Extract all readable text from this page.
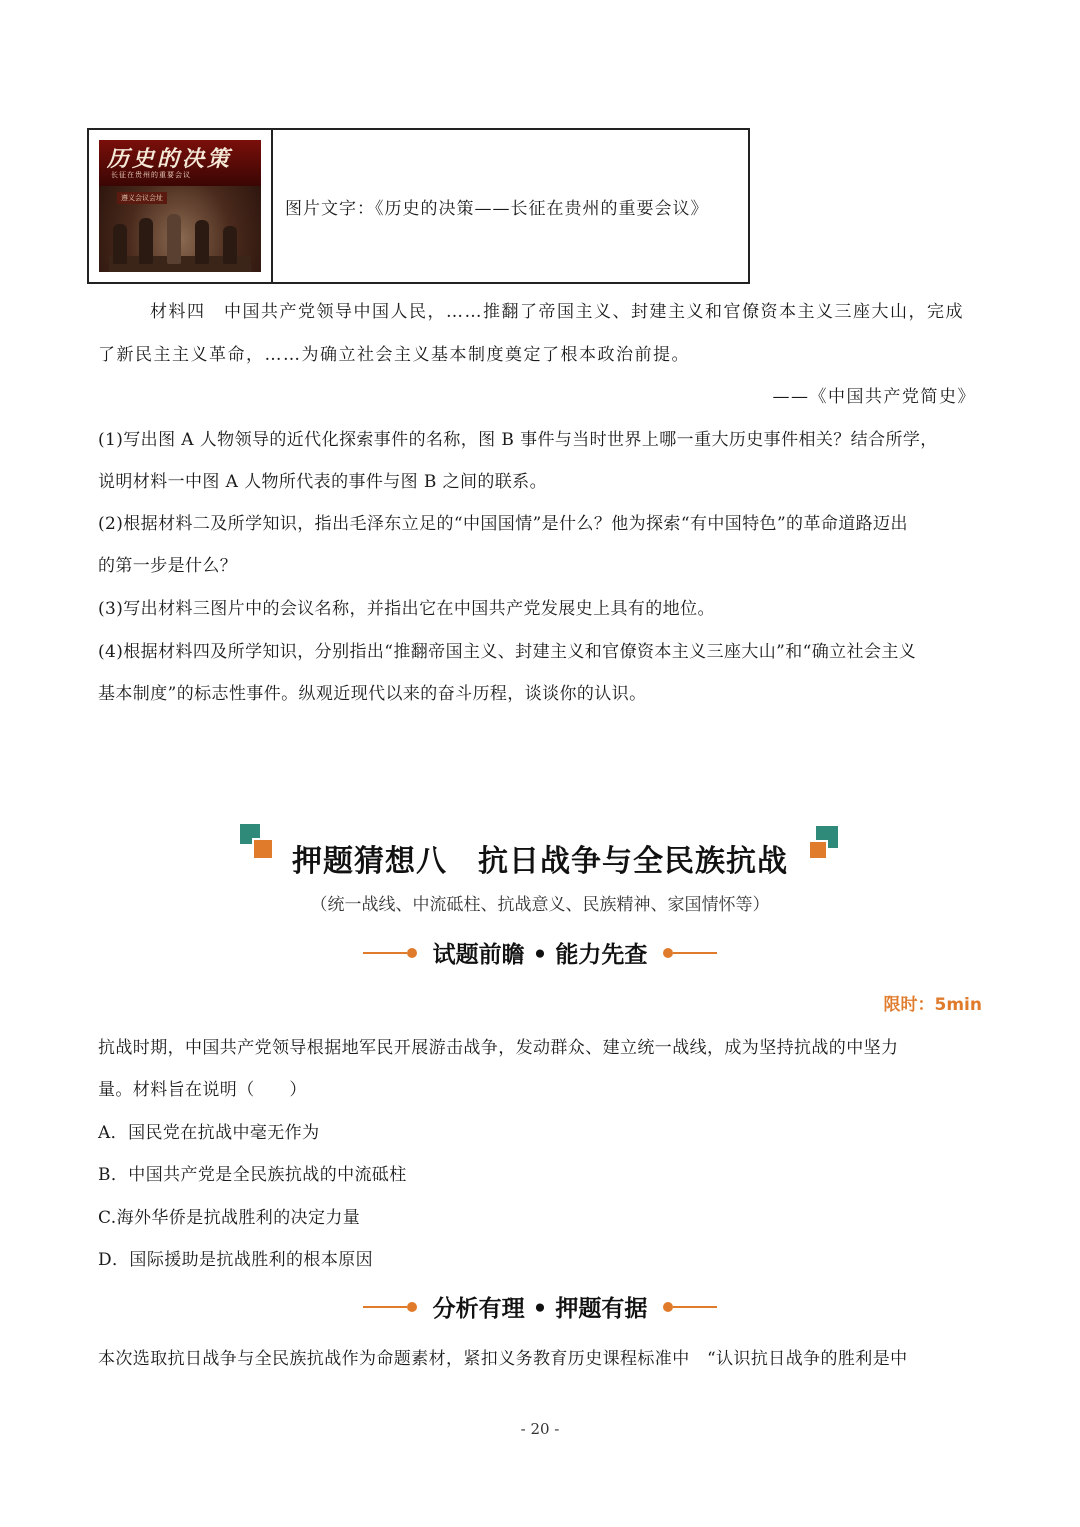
历史的决策
长征在贵州的重要会议
遵义会议会址
图片文字：《历史的决策——长征在贵州的重要会议》
材料四　中国共产党领导中国人民，……推翻了帝国主义、封建主义和官僚资本主义三座大山，完成
了新民主主义革命，……为确立社会主义基本制度奠定了根本政治前提。
——《中国共产党简史》
(1)写出图 A 人物领导的近代化探索事件的名称，图 B 事件与当时世界上哪一重大历史事件相关？结合所学，
说明材料一中图 A 人物所代表的事件与图 B 之间的联系。
(2)根据材料二及所学知识，指出毛泽东立足的“中国国情”是什么？他为探索“有中国特色”的革命道路迈出
的第一步是什么？
(3)写出材料三图片中的会议名称，并指出它在中国共产党发展史上具有的地位。
(4)根据材料四及所学知识，分别指出“推翻帝国主义、封建主义和官僚资本主义三座大山”和“确立社会主义
基本制度”的标志性事件。纵观近现代以来的奋斗历程，谈谈你的认识。
押题猜想八　抗日战争与全民族抗战
（统一战线、中流砥柱、抗战意义、民族精神、家国情怀等）
试题前瞻 • 能力先查
限时：5min
抗战时期，中国共产党领导根据地军民开展游击战争，发动群众、建立统一战线，成为坚持抗战的中坚力
量。材料旨在说明（　　）
A．国民党在抗战中毫无作为
B．中国共产党是全民族抗战的中流砥柱
C.海外华侨是抗战胜利的决定力量
D．国际援助是抗战胜利的根本原因
分析有理 • 押题有据
本次选取抗日战争与全民族抗战作为命题素材，紧扣义务教育历史课程标准中　“认识抗日战争的胜利是中
- 20 -
